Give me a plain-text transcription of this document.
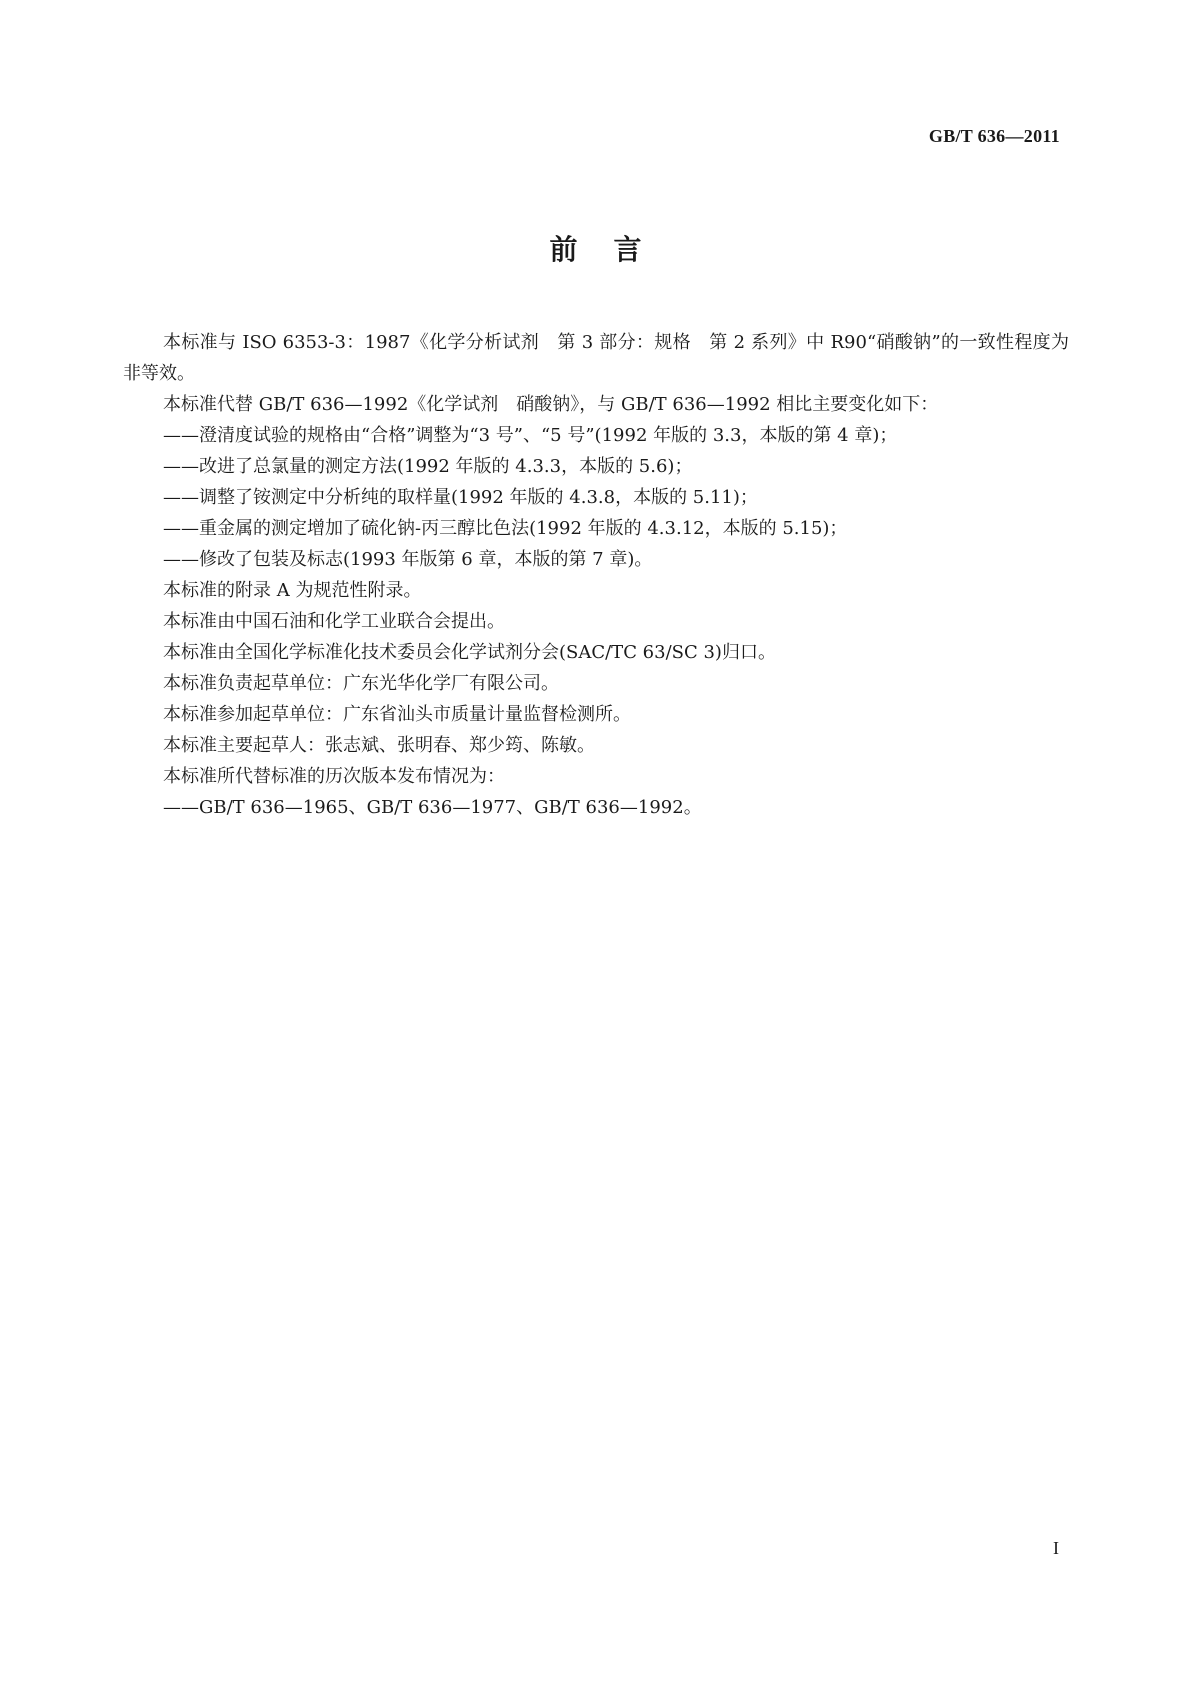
GB/T 636—2011
前言

本标准与 ISO 6353-3：1987《化学分析试剂　第 3 部分：规格　第 2 系列》中 R90“硝酸钠”的一致性程度为非等效。

本标准代替 GB/T 636—1992《化学试剂　硝酸钠》，与 GB/T 636—1992 相比主要变化如下：

——澄清度试验的规格由“合格”调整为“3 号”、“5 号”(1992 年版的 3.3，本版的第 4 章)；

——改进了总氯量的测定方法(1992 年版的 4.3.3，本版的 5.6)；

——调整了铵测定中分析纯的取样量(1992 年版的 4.3.8，本版的 5.11)；

——重金属的测定增加了硫化钠-丙三醇比色法(1992 年版的 4.3.12，本版的 5.15)；

——修改了包装及标志(1993 年版第 6 章，本版的第 7 章)。

本标准的附录 A 为规范性附录。

本标准由中国石油和化学工业联合会提出。

本标准由全国化学标准化技术委员会化学试剂分会(SAC/TC 63/SC 3)归口。

本标准负责起草单位：广东光华化学厂有限公司。

本标准参加起草单位：广东省汕头市质量计量监督检测所。

本标准主要起草人：张志斌、张明春、郑少筠、陈敏。

本标准所代替标准的历次版本发布情况为：

——GB/T 636—1965、GB/T 636—1977、GB/T 636—1992。

I
